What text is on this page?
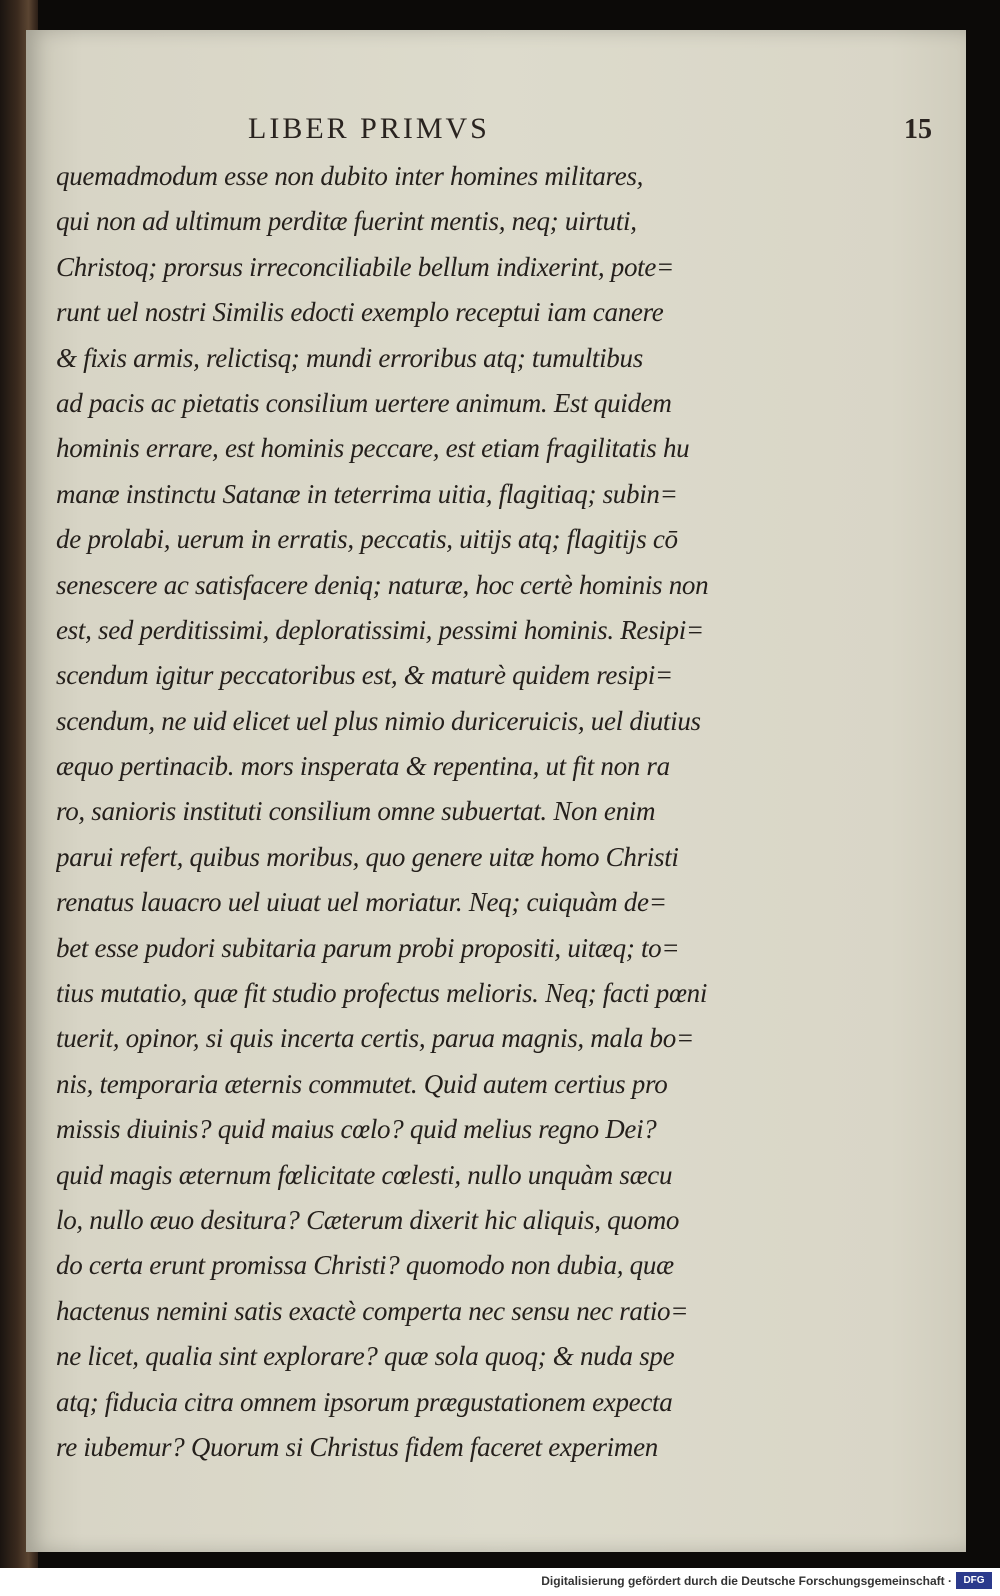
LIBER PRIMVS	15
quemadmodum esse non dubito inter homines militares,
qui non ad ultimum perditæ fuerint mentis, neq; uirtuti,
Christoq; prorsus irreconciliabile bellum indixerint, pote=
runt uel nostri Similis edocti exemplo receptui iam canere
& fixis armis, relictisq; mundi erroribus atq; tumultibus
ad pacis ac pietatis consilium uertere animum. Est quidem
hominis errare, est hominis peccare, est etiam fragilitatis hu
manæ instinctu Satanæ in teterrima uitia, flagitiaq; subin=
de prolabi, uerum in erratis, peccatis, uitijs atq; flagitijs cō
senescere ac satisfacere deniq; naturæ, hoc certè hominis non
est, sed perditissimi, deploratissimi, pessimi hominis. Resipi=
scendum igitur peccatoribus est, & maturè quidem resipi=
scendum, ne uid elicet uel plus nimio duriceruicis, uel diutius
æquo pertinacib. mors insperata & repentina, ut fit non ra
ro, sanioris instituti consilium omne subuertat. Non enim
parui refert, quibus moribus, quo genere uitæ homo Christi
renatus lauacro uel uiuat uel moriatur. Neq; cuiquàm de=
bet esse pudori subitaria parum probi propositi, uitæq; to=
tius mutatio, quæ fit studio profectus melioris. Neq; facti pœni
tuerit, opinor, si quis incerta certis, parua magnis, mala bo=
nis, temporaria æternis commutet. Quid autem certius pro
missis diuinis? quid maius cœlo? quid melius regno Dei?
quid magis æternum fœlicitate cœlesti, nullo unquàm sæcu
lo, nullo æuo desitura? Cæterum dixerit hic aliquis, quomo
do certa erunt promissa Christi? quomodo non dubia, quæ
hactenus nemini satis exactè comperta nec sensu nec ratio=
ne licet, qualia sint explorare? quæ sola quoq; & nuda spe
atq; fiducia citra omnem ipsorum prægustationem expecta
re iubemur? Quorum si Christus fidem faceret experimen
Digitalisierung gefördert durch die Deutsche Forschungsgemeinschaft ·	DFG
